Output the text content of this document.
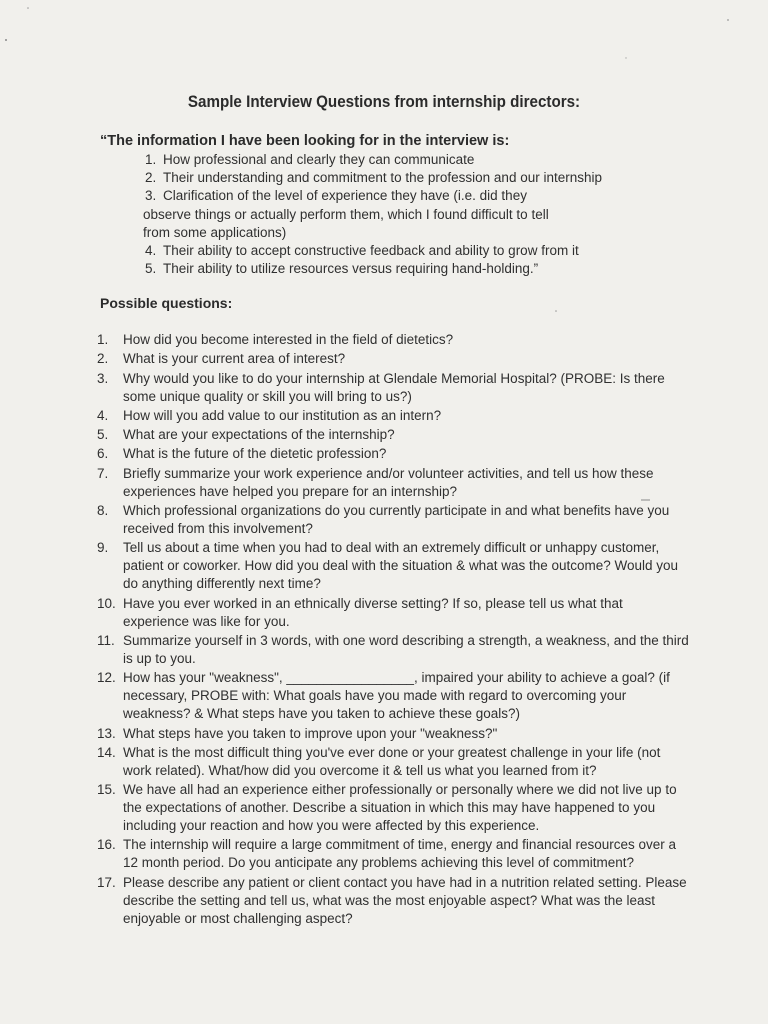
Sample Interview Questions from internship directors:
“The information I have been looking for in the interview is:
1. How professional and clearly they can communicate
2. Their understanding and commitment to the profession and our internship
3. Clarification of the level of experience they have (i.e. did they
observe things or actually perform them, which I found difficult to tell
from some applications)
4. Their ability to accept constructive feedback and ability to grow from it
5. Their ability to utilize resources versus requiring hand-holding.”
Possible questions:
1.	How did you become interested in the field of dietetics?
2.	What is your current area of interest?
3.	Why would you like to do your internship at Glendale Memorial Hospital? (PROBE: Is there
some unique quality or skill you will bring to us?)
4.	How will you add value to our institution as an intern?
5.	What are your expectations of the internship?
6.	What is the future of the dietetic profession?
7.	Briefly summarize your work experience and/or volunteer activities, and tell us how these
experiences have helped you prepare for an internship?
8.	Which professional organizations do you currently participate in and what benefits have you
received from this involvement?
9.	Tell us about a time when you had to deal with an extremely difficult or unhappy customer,
patient or coworker. How did you deal with the situation & what was the outcome? Would you
do anything differently next time?
10. Have you ever worked in an ethnically diverse setting? If so, please tell us what that
experience was like for you.
11. Summarize yourself in 3 words, with one word describing a strength, a weakness, and the third
is up to you.
12. How has your "weakness", _________________, impaired your ability to achieve a goal? (if
necessary, PROBE with: What goals have you made with regard to overcoming your
weakness? & What steps have you taken to achieve these goals?)
13. What steps have you taken to improve upon your "weakness?"
14. What is the most difficult thing you've ever done or your greatest challenge in your life (not
work related). What/how did you overcome it & tell us what you learned from it?
15. We have all had an experience either professionally or personally where we did not live up to
the expectations of another. Describe a situation in which this may have happened to you
including your reaction and how you were affected by this experience.
16. The internship will require a large commitment of time, energy and financial resources over a
12 month period. Do you anticipate any problems achieving this level of commitment?
17. Please describe any patient or client contact you have had in a nutrition related setting. Please
describe the setting and tell us, what was the most enjoyable aspect? What was the least
enjoyable or most challenging aspect?
